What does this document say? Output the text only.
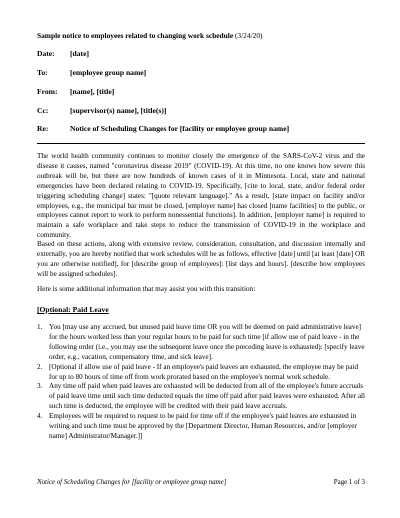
Sample notice to employees related to changing work schedule (3/24/20)
Date: [date]
To:	[employee group name]
From: [name], [title]
Cc:	[supervisor(s) name], [title(s)]
Re:	Notice of Scheduling Changes for [facility or employee group name]
The world health community continues to monitor closely the emergence of the SARS-CoV-2 virus and the disease it causes, named "coronavirus disease 2019" (COVID-19). At this time, no one knows how severe this outbreak will be, but there are now hundreds of known cases of it in Minnesota. Local, state and national emergencies have been declared relating to COVID-19. Specifically, [cite to local, state, and/or federal order triggering scheduling change] states: "[quote relevant language]." As a result, [state impact on facility and/or employees, e.g., the municipal bar must be closed, [employer name] has closed [name facilities] to the public, or employees cannot report to work to perform nonessential functions]. In addition, [employer name] is required to maintain a safe workplace and take steps to reduce the transmission of COVID-19 in the workplace and community.
Based on these actions, along with extensive review, consideration, consultation, and discussion internally and externally, you are hereby notified that work schedules will be as follows, effective [date] until [at least [date] OR you are otherwise notified], for [describe group of employees]: [list days and hours]. [describe how employees will be assigned schedules].
Here is some additional information that may assist you with this transition:
[Optional: Paid Leave
1. You [may use any accrued, but unused paid leave time OR you will be deemed on paid administrative leave] for the hours worked less than your regular hours to be paid for such time [if allow use of paid leave - in the following order (i.e., you may use the subsequent leave once the preceding leave is exhausted): [specify leave order, e.g., vacation, compensatory time, and sick leave].
2. [Optional if allow use of paid leave - If an employee's paid leaves are exhausted, the employee may be paid for up to 80 hours of time off from work prorated based on the employee's normal work schedule.
3. Any time off paid when paid leaves are exhausted will be deducted from all of the employee's future accruals of paid leave time until such time deducted equals the time off paid after paid leaves were exhausted. After all such time is deducted, the employee will be credited with their paid leave accruals.
4. Employees will be required to request to be paid for time off if the employee's paid leaves are exhausted in writing and such time must be approved by the [Department Director, Human Resources, and/or [employer name] Administrator/Manager.]]
Notice of Scheduling Changes for [facility or employee group name]	Page 1 of 3
